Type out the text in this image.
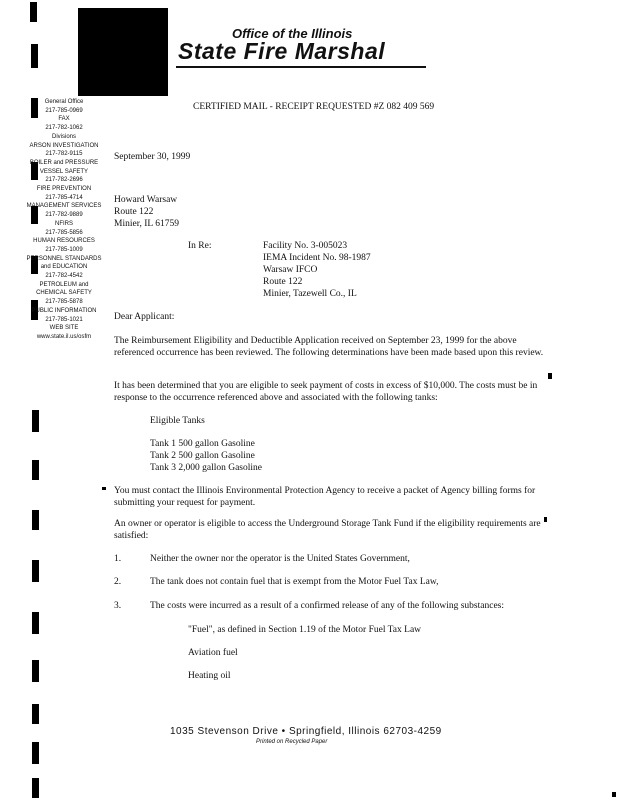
Office of the Illinois
State Fire Marshal
General Office
217-785-0969
FAX
217-782-1062
Divisions
ARSON INVESTIGATION
217-782-9115
BOILER and PRESSURE
VESSEL SAFETY
217-782-2696
FIRE PREVENTION
217-785-4714
MANAGEMENT SERVICES
217-782-9889
NFIRS
217-785-5856
HUMAN RESOURCES
217-785-1009
PERSONNEL STANDARDS
and EDUCATION
217-782-4542
PETROLEUM and
CHEMICAL SAFETY
217-785-5878
PUBLIC INFORMATION
217-785-1021
WEB SITE
www.state.il.us/osfm
CERTIFIED MAIL - RECEIPT REQUESTED #Z 082 409 569
September 30, 1999
Howard Warsaw
Route 122
Minier, IL 61759
In Re:	Facility No. 3-005023
IEMA Incident No. 98-1987
Warsaw IFCO
Route 122
Minier, Tazewell Co., IL
Dear Applicant:
The Reimbursement Eligibility and Deductible Application received on September 23, 1999 for the above referenced occurrence has been reviewed. The following determinations have been made based upon this review.
It has been determined that you are eligible to seek payment of costs in excess of $10,000. The costs must be in response to the occurrence referenced above and associated with the following tanks:
Eligible Tanks
Tank 1 500 gallon Gasoline
Tank 2 500 gallon Gasoline
Tank 3 2,000 gallon Gasoline
You must contact the Illinois Environmental Protection Agency to receive a packet of Agency billing forms for submitting your request for payment.
An owner or operator is eligible to access the Underground Storage Tank Fund if the eligibility requirements are satisfied:
1.	Neither the owner nor the operator is the United States Government,
2.	The tank does not contain fuel that is exempt from the Motor Fuel Tax Law,
3.	The costs were incurred as a result of a confirmed release of any of the following substances:
"Fuel", as defined in Section 1.19 of the Motor Fuel Tax Law
Aviation fuel
Heating oil
1035 Stevenson Drive • Springfield, Illinois 62703-4259
Printed on Recycled Paper
